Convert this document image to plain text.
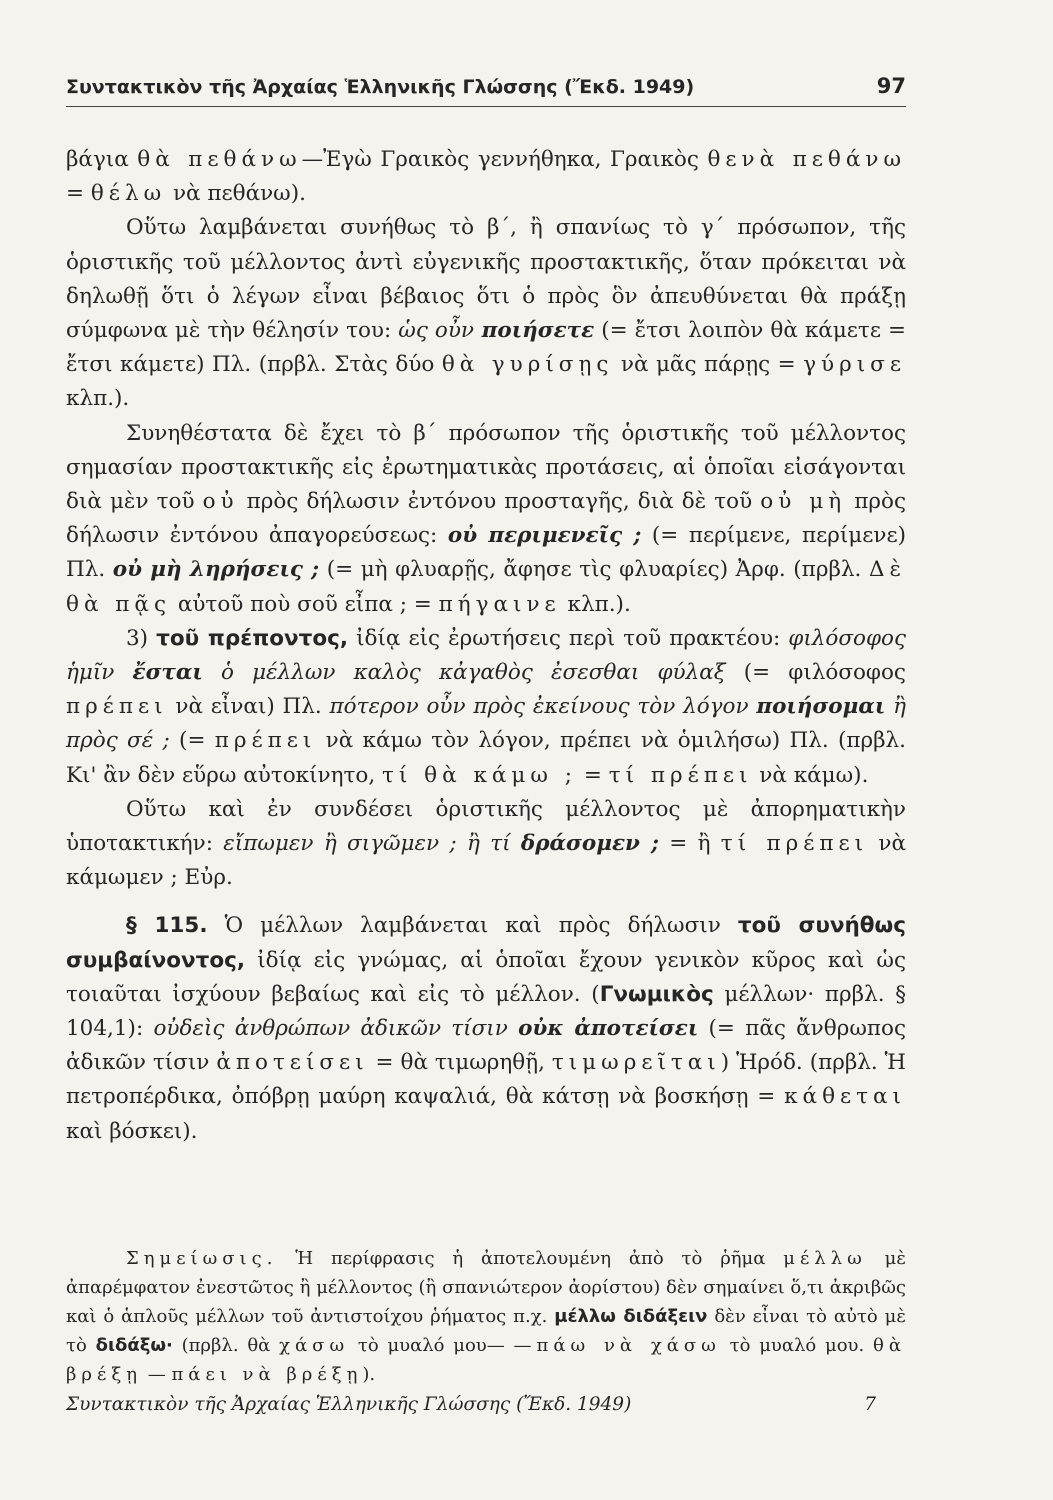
Συντακτικὸν τῆς Ἀρχαίας Ἑλληνικῆς Γλώσσης (Ἔκδ. 1949)	97

βάγια θὰ πεθάνω—Ἐγὼ Γραικὸς γεννήθηκα, Γραικὸς θενὰ πεθάνω = θέλω νὰ πεθάνω).

Οὕτω λαμβάνεται συνήθως τὸ β΄, ἢ σπανίως τὸ γ΄ πρόσωπον, τῆς ὁριστικῆς τοῦ μέλλοντος ἀντὶ εὐγενικῆς προστακτικῆς, ὅταν πρόκειται νὰ δηλωθῇ ὅτι ὁ λέγων εἶναι βέβαιος ὅτι ὁ πρὸς ὃν ἀπευθύνεται θὰ πράξῃ σύμφωνα μὲ τὴν θέλησίν του: ὡς οὖν ποιήσετε (= ἔτσι λοιπὸν θὰ κάμετε = ἔτσι κάμετε) Πλ. (πρβλ. Στὰς δύο θὰ γυρίσῃς νὰ μᾶς πάρῃς = γύρισε κλπ.).

Συνηθέστατα δὲ ἔχει τὸ β΄ πρόσωπον τῆς ὁριστικῆς τοῦ μέλλοντος σημασίαν προστακτικῆς εἰς ἐρωτηματικὰς προτάσεις, αἱ ὁποῖαι εἰσάγονται διὰ μὲν τοῦ οὐ πρὸς δήλωσιν ἐντόνου προσταγῆς, διὰ δὲ τοῦ οὐ μὴ πρὸς δήλωσιν ἐντόνου ἀπαγορεύσεως: οὐ περιμενεῖς ; (= περίμενε, περίμενε) Πλ. οὐ μὴ ληρήσεις ; (= μὴ φλυαρῇς, ἄφησε τὶς φλυαρίες) Ἀρφ. (πρβλ. Δὲ θὰ πᾷς αὐτοῦ ποὺ σοῦ εἶπα ; = πήγαινε κλπ.).

3) τοῦ πρέποντος, ἰδίᾳ εἰς ἐρωτήσεις περὶ τοῦ πρακτέου: φιλόσοφος ἡμῖν ἔσται ὁ μέλλων καλὸς κἀγαθὸς ἐσεσθαι φύλαξ (= φιλόσοφος πρέπει νὰ εἶναι) Πλ. πότερον οὖν πρὸς ἐκείνους τὸν λόγον ποιήσομαι ἢ πρὸς σέ ; (= πρέπει νὰ κάμω τὸν λόγον, πρέπει νὰ ὁμιλήσω) Πλ. (πρβλ. Κι' ἂν δὲν εὕρω αὐτοκίνητο, τί θὰ κάμω ; = τί πρέπει νὰ κάμω).

Οὕτω καὶ ἐν συνδέσει ὁριστικῆς μέλλοντος μὲ ἀπορηματικὴν ὑποτακτικήν: εἴπωμεν ἢ σιγῶμεν ; ἢ τί δράσομεν ; = ἢ τί πρέπει νὰ κάμωμεν ; Εὐρ.

§ 115. Ὁ μέλλων λαμβάνεται καὶ πρὸς δήλωσιν τοῦ συνήθως συμβαίνοντος, ἰδίᾳ εἰς γνώμας, αἱ ὁποῖαι ἔχουν γενικὸν κῦρος καὶ ὡς τοιαῦται ἰσχύουν βεβαίως καὶ εἰς τὸ μέλλον. (Γνωμικὸς μέλλων· πρβλ. § 104,1): οὐδεὶς ἀνθρώπων ἀδικῶν τίσιν οὐκ ἀποτείσει (= πᾶς ἄνθρωπος ἀδικῶν τίσιν ἀποτείσει = θὰ τιμωρηθῇ, τιμωρεῖται) Ἡρόδ. (πρβλ. Ἡ πετροπέρδικα, ὀπόβρῃ μαύρη καψαλιά, θὰ κάτσῃ νὰ βοσκήσῃ = κάθεται καὶ βόσκει).

Σημείωσις. Ἡ περίφρασις ἡ ἀποτελουμένη ἀπὸ τὸ ῥῆμα μέλλω μὲ ἀπαρέμφατον ἐνεστῶτος ἢ μέλλοντος (ἢ σπανιώτερον ἀορίστου) δὲν σημαίνει ὅ,τι ἀκριβῶς καὶ ὁ ἁπλοῦς μέλλων τοῦ ἀντιστοίχου ῥήματος π.χ. μέλλω διδάξειν δὲν εἶναι τὸ αὐτὸ μὲ τὸ διδάξω· (πρβλ. θὰ χάσω τὸ μυαλό μου— —πάω νὰ χάσω τὸ μυαλό μου. θὰ βρέξῃ — πάει νὰ βρέξῃ).

Συντακτικὸν τῆς Ἀρχαίας Ἑλληνικῆς Γλώσσης (Ἔκδ. 1949)	7
